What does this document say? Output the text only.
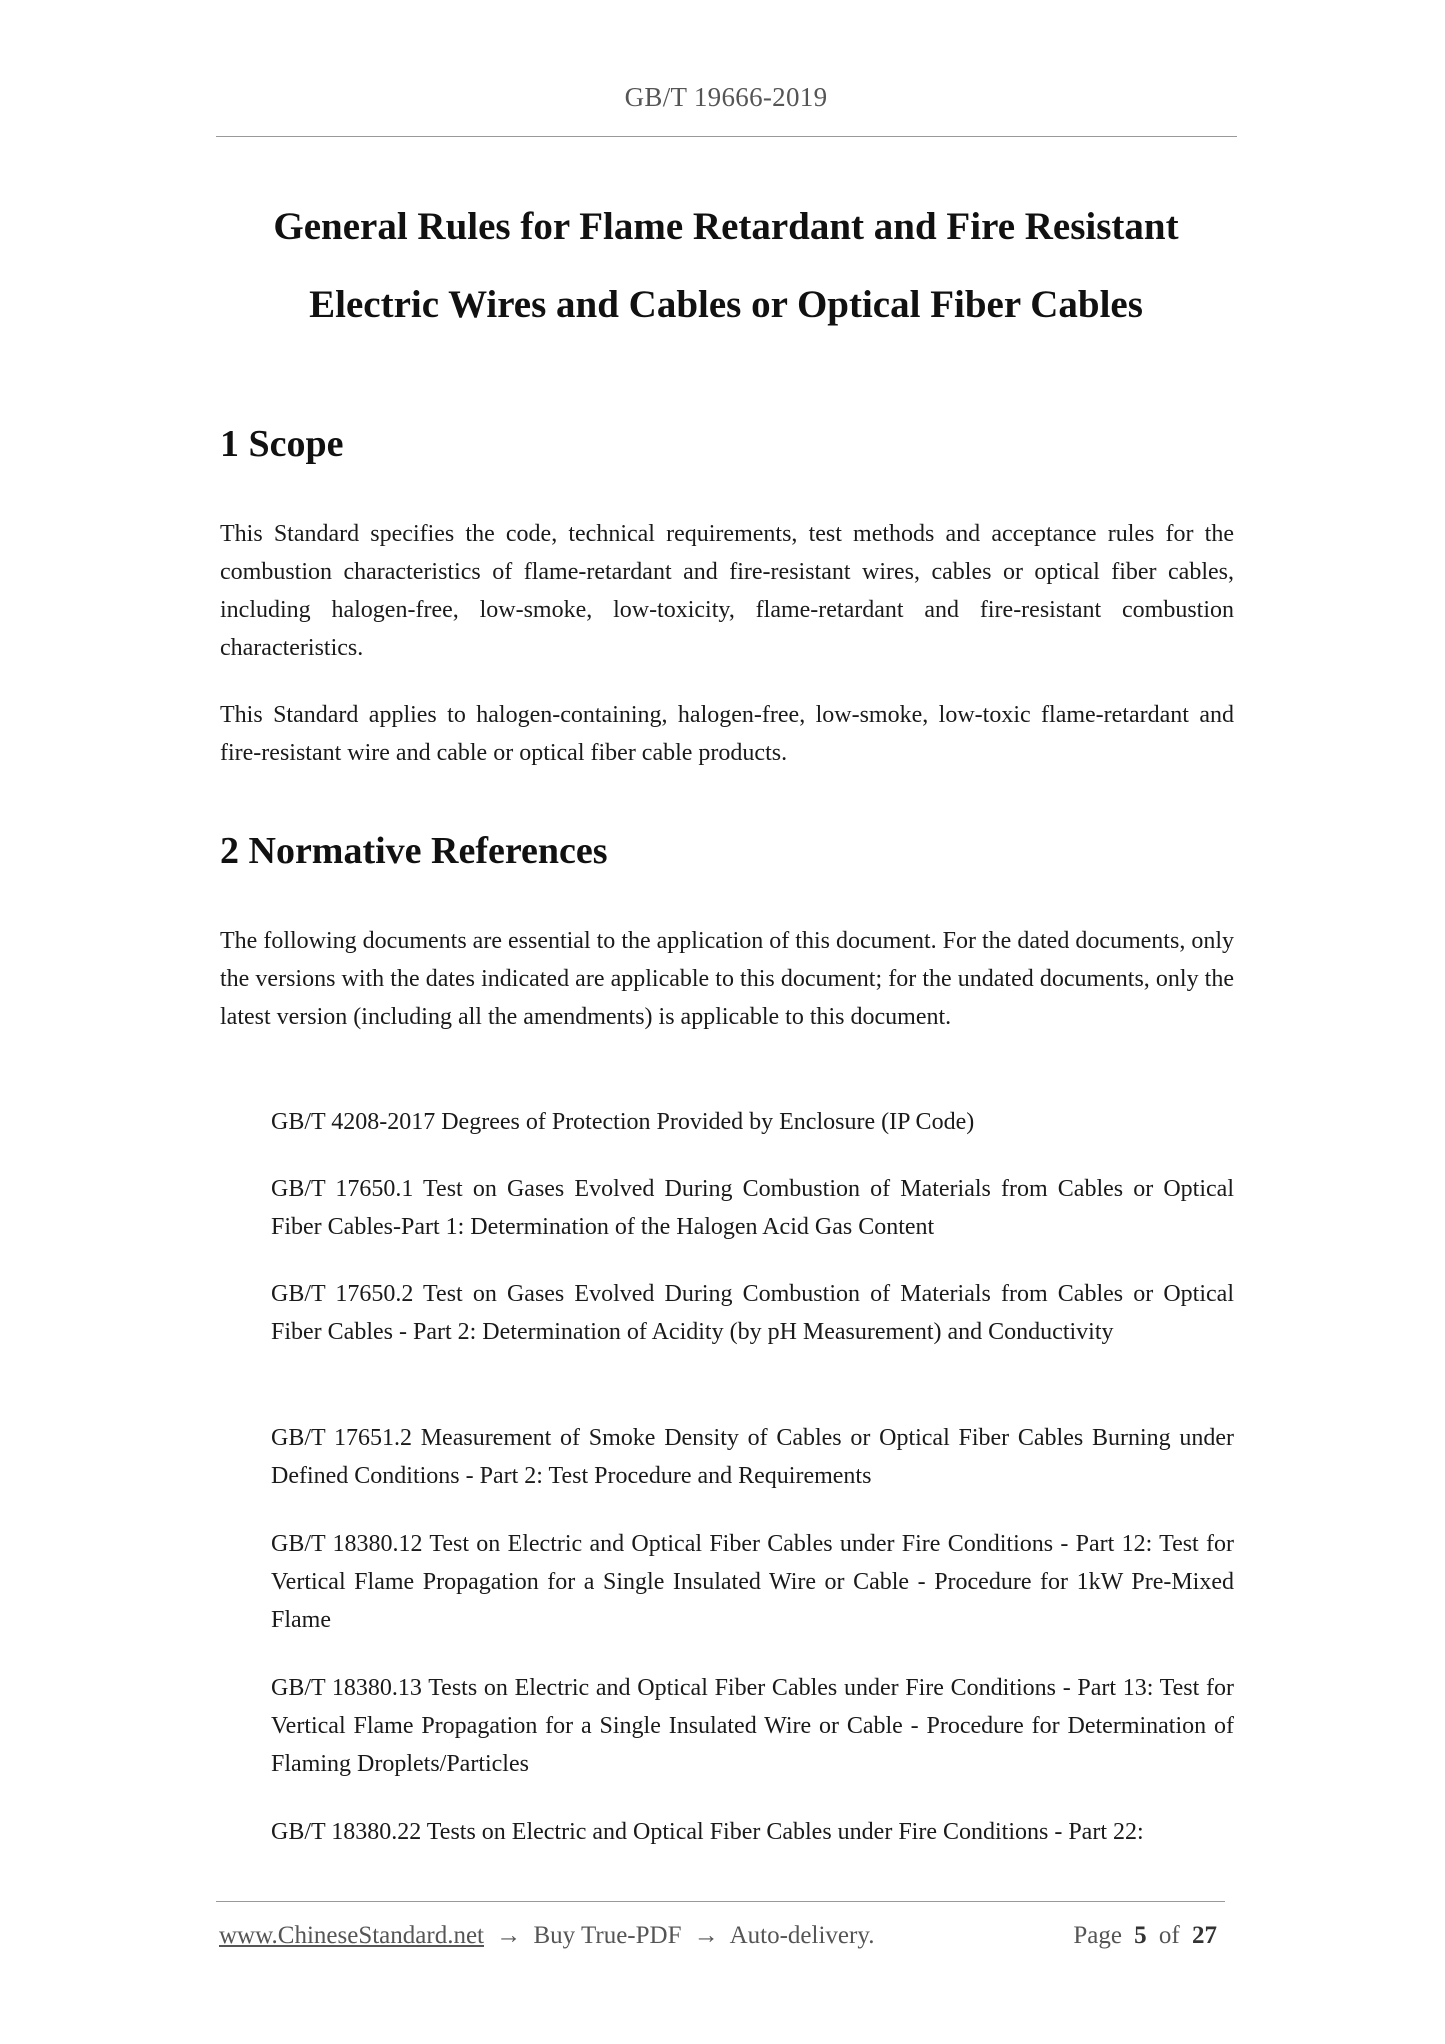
GB/T 19666-2019
General Rules for Flame Retardant and Fire Resistant
Electric Wires and Cables or Optical Fiber Cables
1 Scope

This Standard specifies the code, technical requirements, test methods and acceptance rules for the combustion characteristics of flame-retardant and fire-resistant wires, cables or optical fiber cables, including halogen-free, low-smoke, low-toxicity, flame-retardant and fire-resistant combustion characteristics.

This Standard applies to halogen-containing, halogen-free, low-smoke, low-toxic flame-retardant and fire-resistant wire and cable or optical fiber cable products.

2 Normative References

The following documents are essential to the application of this document. For the dated documents, only the versions with the dates indicated are applicable to this document; for the undated documents, only the latest version (including all the amendments) is applicable to this document.

GB/T 4208-2017 Degrees of Protection Provided by Enclosure (IP Code)

GB/T 17650.1 Test on Gases Evolved During Combustion of Materials from Cables or Optical Fiber Cables-Part 1: Determination of the Halogen Acid Gas Content

GB/T 17650.2 Test on Gases Evolved During Combustion of Materials from Cables or Optical Fiber Cables - Part 2: Determination of Acidity (by pH Measurement) and Conductivity

GB/T 17651.2 Measurement of Smoke Density of Cables or Optical Fiber Cables Burning under Defined Conditions - Part 2: Test Procedure and Requirements

GB/T 18380.12 Test on Electric and Optical Fiber Cables under Fire Conditions - Part 12: Test for Vertical Flame Propagation for a Single Insulated Wire or Cable - Procedure for 1kW Pre-Mixed Flame

GB/T 18380.13 Tests on Electric and Optical Fiber Cables under Fire Conditions - Part 13: Test for Vertical Flame Propagation for a Single Insulated Wire or Cable - Procedure for Determination of Flaming Droplets/Particles

GB/T 18380.22 Tests on Electric and Optical Fiber Cables under Fire Conditions - Part 22:

www.ChineseStandard.net → Buy True-PDF → Auto-delivery.	Page 5 of 27
